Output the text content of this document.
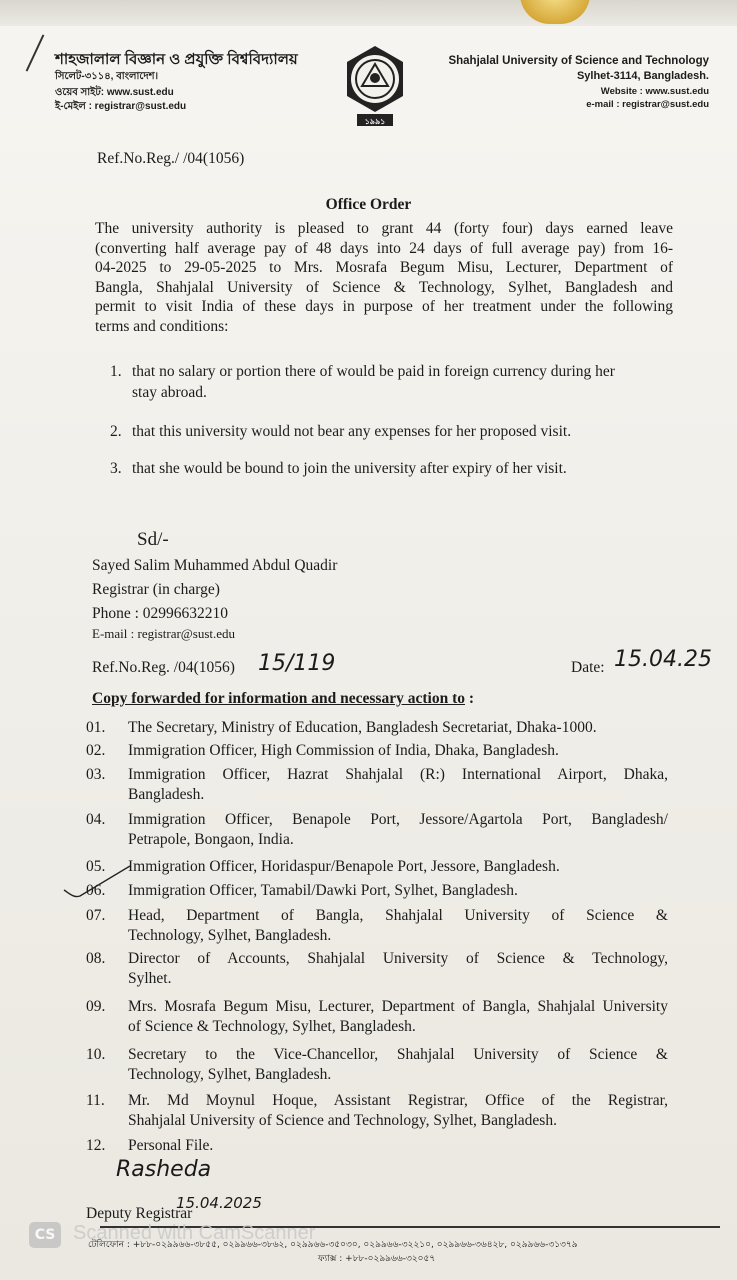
শাহজালাল বিজ্ঞান ও প্রযুক্তি বিশ্ববিদ্যালয়
সিলেট-৩১১৪, বাংলাদেশ।
ওয়েব সাইট: www.sust.edu
ই-মেইল : registrar@sust.edu
১৯৯১
Shahjalal University of Science and Technology
Sylhet-3114, Bangladesh.
Website : www.sust.edu
e-mail : registrar@sust.edu
Ref.No.Reg./ /04(1056)
Office Order
The university authority is pleased to grant 44 (forty four) days earned leave
(converting half average pay of 48 days into 24 days of full average pay) from 16-
04-2025 to 29-05-2025 to Mrs. Mosrafa Begum Misu, Lecturer, Department of
Bangla, Shahjalal University of Science & Technology, Sylhet, Bangladesh and
permit to visit India of these days in purpose of her treatment under the following
terms and conditions:
1. that no salary or portion there of would be paid in foreign currency during her
stay abroad.
2. that this university would not bear any expenses for her proposed visit.
3. that she would be bound to join the university after expiry of her visit.
Sd/-
Sayed Salim Muhammed Abdul Quadir
Registrar (in charge)
Phone : 02996632210
E-mail : registrar@sust.edu
Ref.No.Reg. /04(1056) 15/119	Date: 15.04.25
Copy forwarded for information and necessary action to :
01.	The Secretary, Ministry of Education, Bangladesh Secretariat, Dhaka-1000.
02.	Immigration Officer, High Commission of India, Dhaka, Bangladesh.
03.	Immigration Officer, Hazrat Shahjalal (R:) International Airport, Dhaka,
Bangladesh.
04.	Immigration Officer, Benapole Port, Jessore/Agartola Port, Bangladesh/
Petrapole, Bongaon, India.
05.	Immigration Officer, Horidaspur/Benapole Port, Jessore, Bangladesh.
06.	Immigration Officer, Tamabil/Dawki Port, Sylhet, Bangladesh.
07.	Head, Department of Bangla, Shahjalal University of Science &
Technology, Sylhet, Bangladesh.
08.	Director of Accounts, Shahjalal University of Science & Technology,
Sylhet.
09.	Mrs. Mosrafa Begum Misu, Lecturer, Department of Bangla, Shahjalal University
of Science & Technology, Sylhet, Bangladesh.
10.	Secretary to the Vice-Chancellor, Shahjalal University of Science &
Technology, Sylhet, Bangladesh.
11.	Mr. Md Moynul Hoque, Assistant Registrar, Office of the Registrar,
Shahjalal University of Science and Technology, Sylhet, Bangladesh.
12.	Personal File.
Rasheda
15.04.2025
Deputy Registrar
টেলিফোন : +৮৮-০২৯৯৬৬-৩৮৫৫, ০২৯৯৬৬-৩৮৬২, ০২৯৯৬৬-৩৫০৩০, ০২৯৯৬৬-৩২২১০, ০২৯৯৬৬-৩৬৪২৮, ০২৯৯৬৬-৩১৩৭৯
ফ্যাক্স : +৮৮-০২৯৯৬৬-৩২০৫৭
CS Scanned with CamScanner
